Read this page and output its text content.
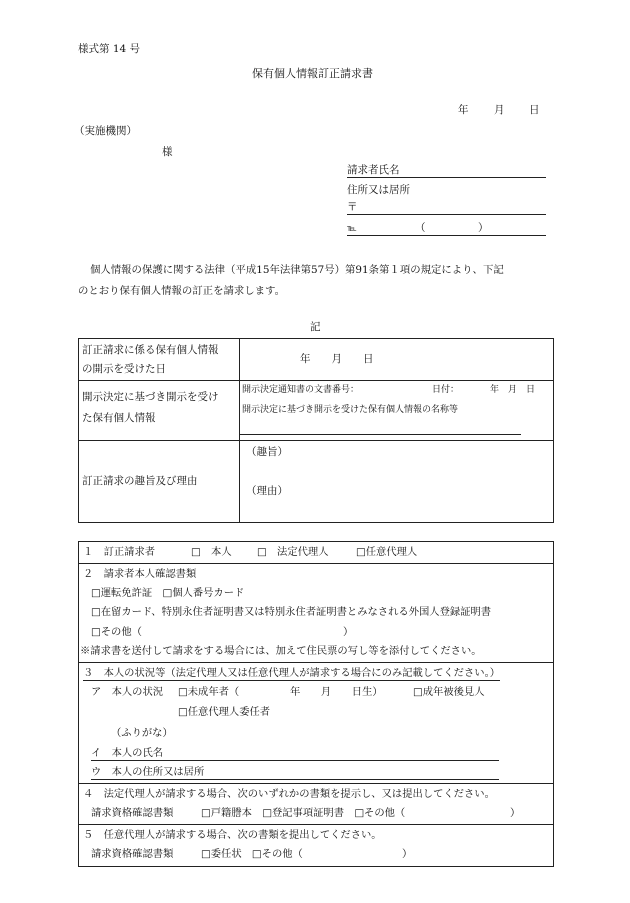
様式第 14 号
保有個人情報訂正請求書
年 月 日
（実施機関）
様
請求者氏名
住所又は居所
〒
℡	（　　　　　）
個人情報の保護に関する法律（平成15年法律第57号）第91条第１項の規定により、下記
のとおり保有個人情報の訂正を請求します。
記
訂正請求に係る保有個人情報
の開示を受けた日
年　　月　　日
開示決定に基づき開示を受け
た保有個人情報
開示決定通知書の文書番号：	日付：	年　月　日
開示決定に基づき開示を受けた保有個人情報の名称等
訂正請求の趣旨及び理由
（趣旨）
（理由）
１　訂正請求者	□　本人 □　法定代理人	□任意代理人
２　請求者本人確認書類
□運転免許証　□個人番号カード
□在留カード、特別永住者証明書又は特別永住者証明書とみなされる外国人登録証明書
□その他（	）
※請求書を送付して請求をする場合には、加えて住民票の写し等を添付してください。
３　本人の状況等（法定代理人又は任意代理人が請求する場合にのみ記載してください。）
ア　本人の状況 □未成年者（	年　　月　　日生）	□成年被後見人
□任意代理人委任者
（ふりがな）
イ　本人の氏名
ウ　本人の住所又は居所
４　法定代理人が請求する場合、次のいずれかの書類を提示し、又は提出してください。
請求資格確認書類	□戸籍謄本　□登記事項証明書　□その他（	）
５　任意代理人が請求する場合、次の書類を提出してください。
請求資格確認書類	□委任状　□その他（	）
